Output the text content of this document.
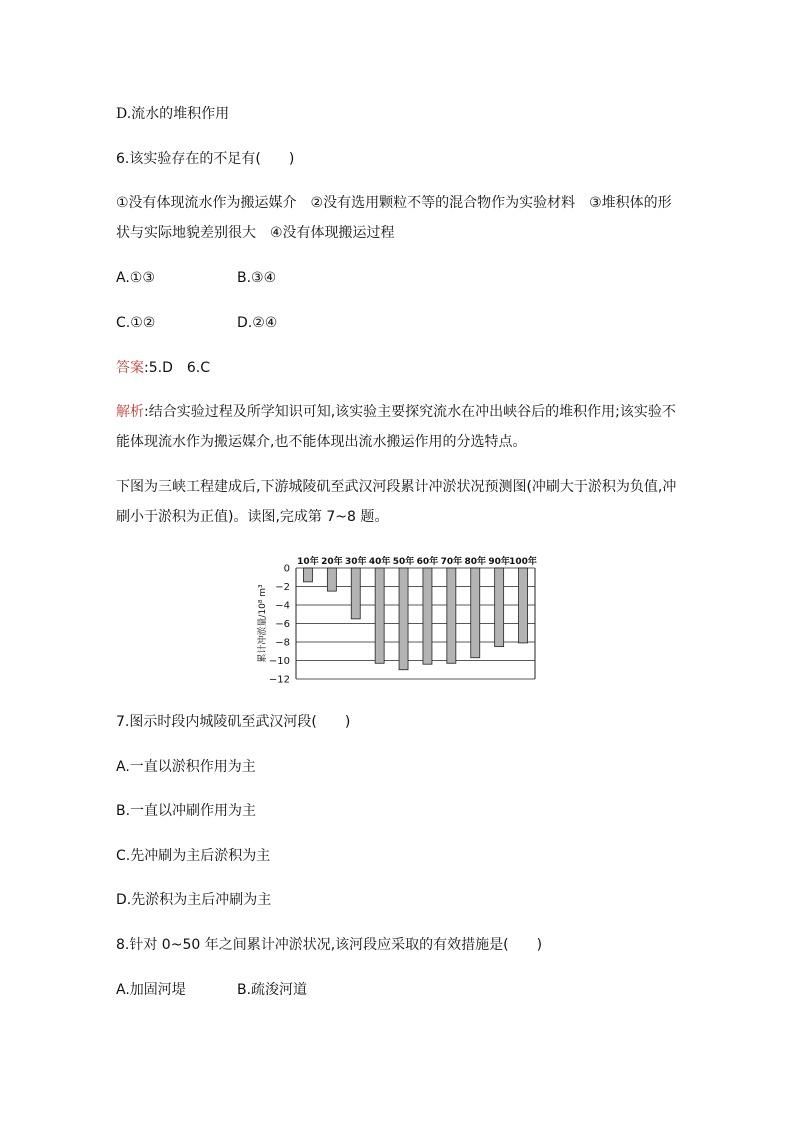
D.流水的堆积作用
6.该实验存在的不足有(　　)
①没有体现流水作为搬运媒介　②没有选用颗粒不等的混合物作为实验材料　③堆积体的形
状与实际地貌差别很大　④没有体现搬运过程
A.①③	B.③④
C.①②	D.②④
答案:5.D　6.C
解析:结合实验过程及所学知识可知,该实验主要探究流水在冲出峡谷后的堆积作用;该实验不
能体现流水作为搬运媒介,也不能体现出流水搬运作用的分选特点。
下图为三峡工程建成后,下游城陵矶至武汉河段累计冲淤状况预测图(冲刷大于淤积为负值,冲
刷小于淤积为正值)。读图,完成第 7~8 题。
0
−2
−4
−6
−8
−10
−12
10年 20年 30年 40年 50年 60年 70年 80年 90年 100年
累计冲淤量/10⁸ m³
7.图示时段内城陵矶至武汉河段(　　)
A.一直以淤积作用为主
B.一直以冲刷作用为主
C.先冲刷为主后淤积为主
D.先淤积为主后冲刷为主
8.针对 0~50 年之间累计冲淤状况,该河段应采取的有效措施是(　　)
A.加固河堤	B.疏浚河道
